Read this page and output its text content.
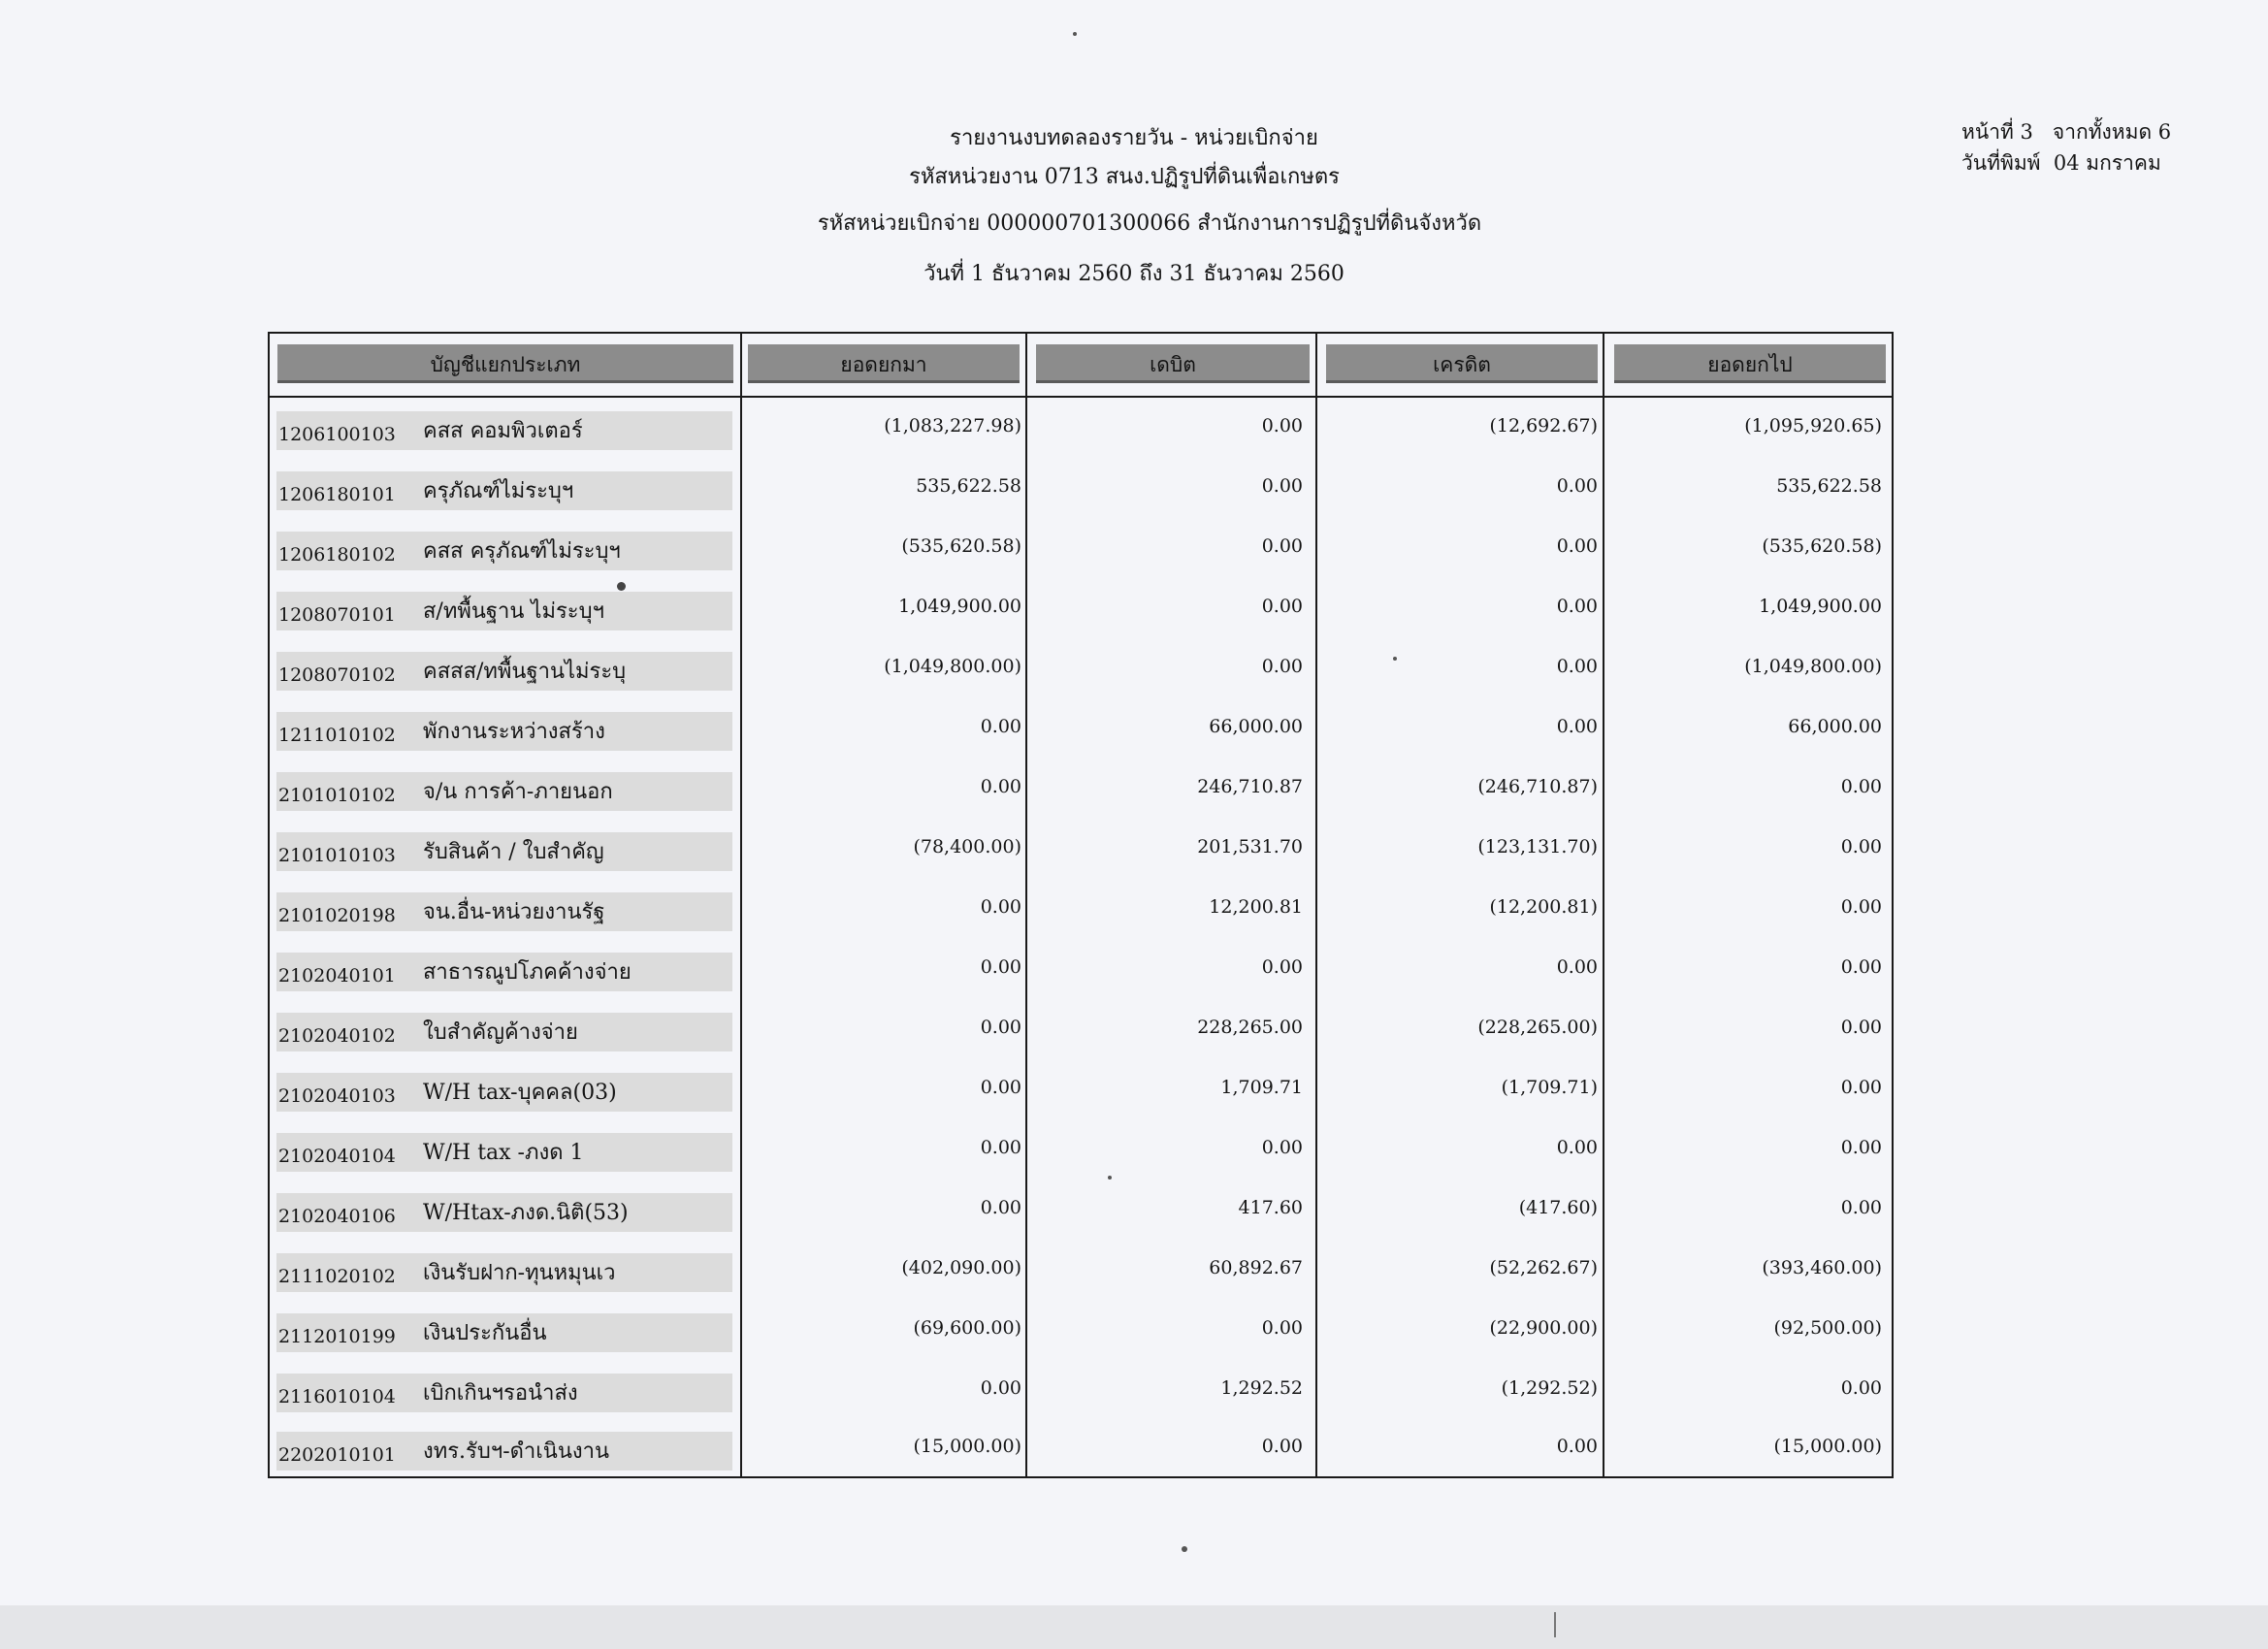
รายงานงบทดลองรายวัน - หน่วยเบิกจ่าย
รหัสหน่วยงาน 0713 สนง.ปฏิรูปที่ดินเพื่อเกษตร
รหัสหน่วยเบิกจ่าย 000000701300066 สำนักงานการปฏิรูปที่ดินจังหวัด
วันที่ 1 ธันวาคม 2560 ถึง 31 ธันวาคม 2560
หน้าที่ 3   จากทั้งหมด 6
วันที่พิมพ์  04 มกราคม
บัญชีแยกประเภท	ยอดยกมา	เดบิต	เครดิต	ยอดยกไป
1206100103 คสส คอมพิวเตอร์	(1,083,227.98)	0.00	(12,692.67)	(1,095,920.65)
1206180101 ครุภัณฑ์ไม่ระบุฯ	535,622.58	0.00	0.00	535,622.58
1206180102 คสส ครุภัณฑ์ไม่ระบุฯ	(535,620.58)	0.00	0.00	(535,620.58)
1208070101 ส/ทพื้นฐาน ไม่ระบุฯ	1,049,900.00	0.00	0.00	1,049,900.00
1208070102 คสสส/ทพื้นฐานไม่ระบุ	(1,049,800.00)	0.00	0.00	(1,049,800.00)
1211010102 พักงานระหว่างสร้าง	0.00	66,000.00	0.00	66,000.00
2101010102 จ/น การค้า-ภายนอก	0.00	246,710.87	(246,710.87)	0.00
2101010103 รับสินค้า / ใบสำคัญ	(78,400.00)	201,531.70	(123,131.70)	0.00
2101020198 จน.อื่น-หน่วยงานรัฐ	0.00	12,200.81	(12,200.81)	0.00
2102040101 สาธารณูปโภคค้างจ่าย	0.00	0.00	0.00	0.00
2102040102 ใบสำคัญค้างจ่าย	0.00	228,265.00	(228,265.00)	0.00
2102040103 W/H tax-บุคคล(03)	0.00	1,709.71	(1,709.71)	0.00
2102040104 W/H tax -ภงด 1	0.00	0.00	0.00	0.00
2102040106 W/Htax-ภงด.นิติ(53)	0.00	417.60	(417.60)	0.00
2111020102 เงินรับฝาก-ทุนหมุนเว	(402,090.00)	60,892.67	(52,262.67)	(393,460.00)
2112010199 เงินประกันอื่น	(69,600.00)	0.00	(22,900.00)	(92,500.00)
2116010104 เบิกเกินฯรอนำส่ง	0.00	1,292.52	(1,292.52)	0.00
2202010101 งทร.รับฯ-ดำเนินงาน	(15,000.00)	0.00	0.00	(15,000.00)
